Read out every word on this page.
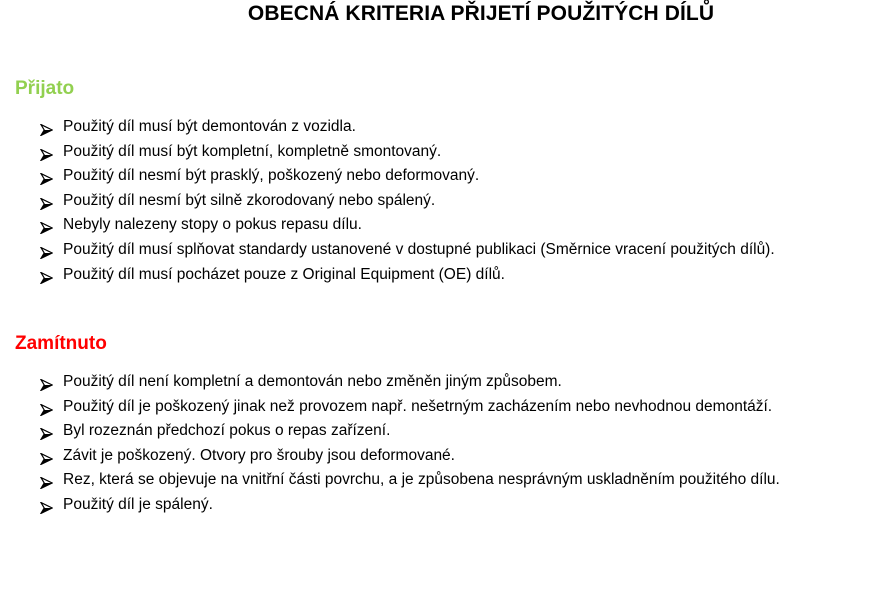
OBECNÁ KRITERIA PŘIJETÍ POUŽITÝCH DÍLŮ
Přijato
Použitý díl musí být demontován z vozidla.
Použitý díl musí být kompletní, kompletně smontovaný.
Použitý díl nesmí být prasklý, poškozený nebo deformovaný.
Použitý díl nesmí být silně zkorodovaný nebo spálený.
Nebyly nalezeny stopy o pokus repasu dílu.
Použitý díl musí splňovat standardy ustanovené v dostupné publikaci (Směrnice vracení použitých dílů).
Použitý díl musí pocházet pouze z Original Equipment (OE) dílů.
Zamítnuto
Použitý díl není kompletní a demontován nebo změněn jiným způsobem.
Použitý díl je poškozený jinak než provozem např. nešetrným zacházením nebo nevhodnou demontáží.
Byl rozeznán předchozí pokus o repas zařízení.
Závit je poškozený. Otvory pro šrouby jsou deformované.
Rez, která se objevuje na vnitřní části povrchu, a je způsobena nesprávným uskladněním použitého dílu.
Použitý díl je spálený.
